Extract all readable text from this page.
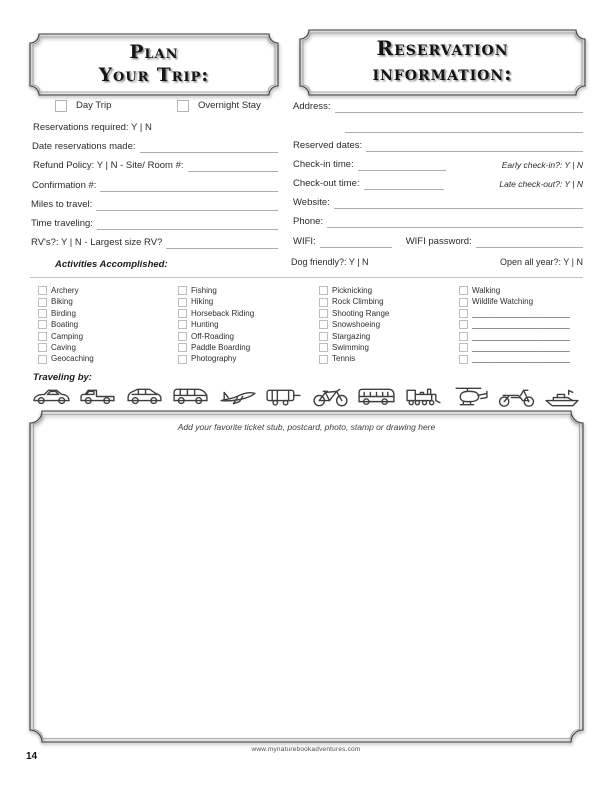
Plan
Your Trip:
Reservation
information:
Day Trip	Overnight Stay
Reservations required: Y | N
Date reservations made:
Refund Policy: Y | N - Site/ Room #:
Confirmation #:
Miles to travel:
Time traveling:
RV's?: Y | N - Largest size RV?
Activities Accomplished:
Address:
Reserved dates:
Check-in time:	Early check-in?: Y | N
Check-out time:	Late check-out?: Y | N
Website:
Phone:
WIFI:	WIFI password:
Dog friendly?: Y | N	Open all year?: Y | N
Archery
Biking
Birding
Boating
Camping
Caving
Geocaching
Fishing
Hiking
Horseback Riding
Hunting
Off-Roading
Paddle Boarding
Photography
Picknicking
Rock Climbing
Shooting Range
Snowshoeing
Stargazing
Swimming
Tennis
Walking
Wildlife Watching
______________________
______________________
______________________
______________________
______________________
Traveling by:
Add your favorite ticket stub, postcard, photo, stamp or drawing here
www.mynaturebookadventures.com
14
